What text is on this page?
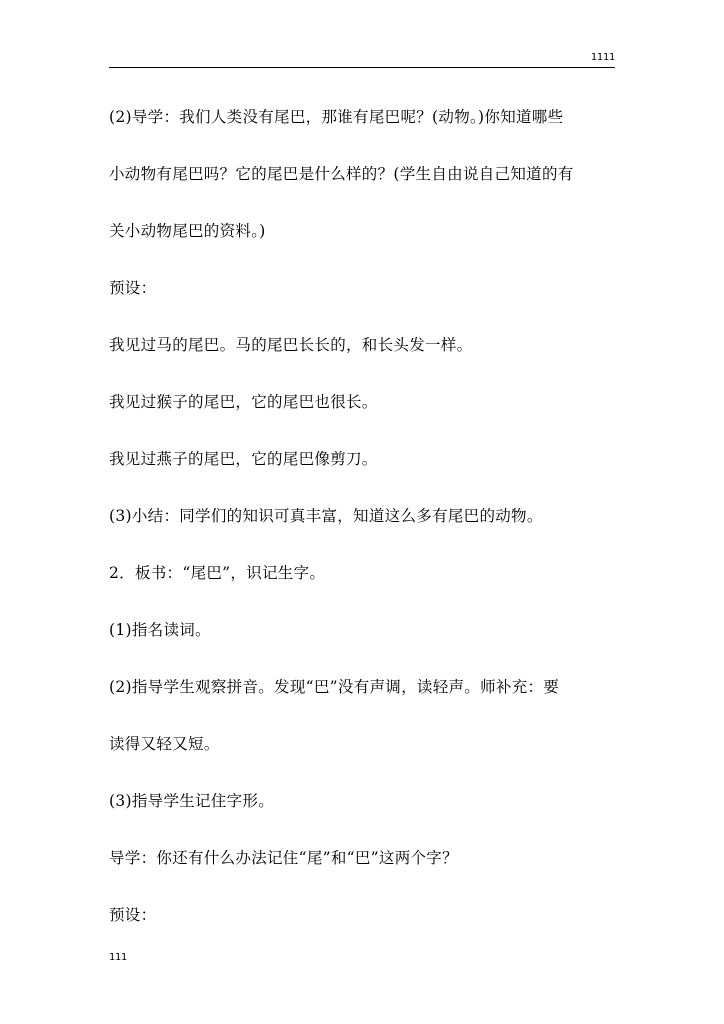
1111
(2)导学：我们人类没有尾巴，那谁有尾巴呢？(动物。)你知道哪些
小动物有尾巴吗？它的尾巴是什么样的？(学生自由说自己知道的有
关小动物尾巴的资料。)
预设：
我见过马的尾巴。马的尾巴长长的，和长头发一样。
我见过猴子的尾巴，它的尾巴也很长。
我见过燕子的尾巴，它的尾巴像剪刀。
(3)小结：同学们的知识可真丰富，知道这么多有尾巴的动物。
2．板书：“尾巴”，识记生字。
(1)指名读词。
(2)指导学生观察拼音。发现“巴”没有声调，读轻声。师补充：要
读得又轻又短。
(3)指导学生记住字形。
导学：你还有什么办法记住“尾”和“巴”这两个字？
预设：
111
